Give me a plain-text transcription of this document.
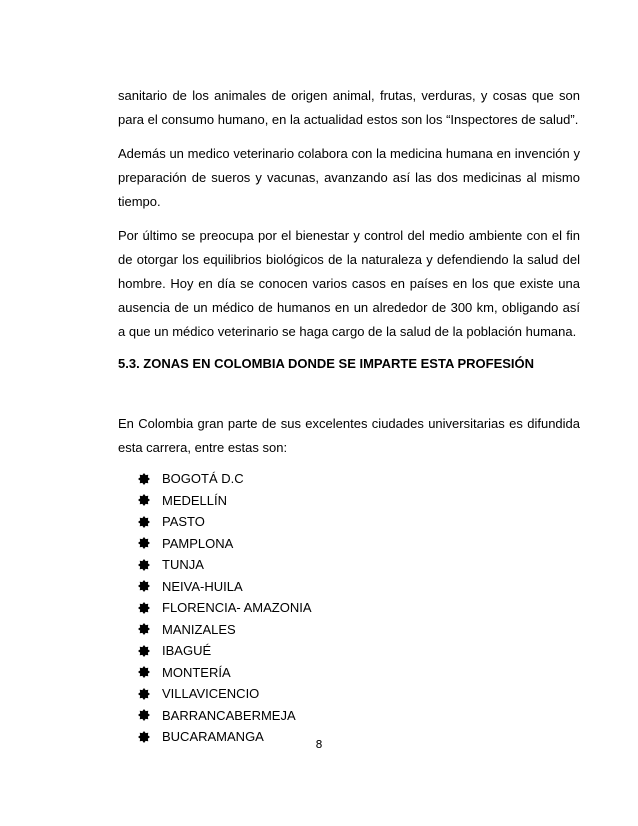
sanitario de los animales de origen animal, frutas, verduras, y cosas que son para el consumo humano, en la actualidad estos son los “Inspectores de salud”.

Además un medico veterinario colabora con la medicina humana en invención y preparación de sueros y vacunas, avanzando así las dos medicinas al mismo tiempo.

Por último se preocupa por el bienestar y control del medio ambiente con el fin de otorgar los equilibrios biológicos de la naturaleza y defendiendo la salud del hombre. Hoy en día se conocen varios casos en países en los que existe una ausencia de un médico de humanos en un alrededor de 300 km, obligando así a que un médico veterinario se haga cargo de la salud de la población humana.

5.3. ZONAS EN COLOMBIA DONDE SE IMPARTE ESTA PROFESIÓN

En Colombia gran parte de sus excelentes ciudades universitarias es difundida esta carrera, entre estas son:

BOGOTÁ D.C
MEDELLÍN
PASTO
PAMPLONA
TUNJA
NEIVA-HUILA
FLORENCIA- AMAZONIA
MANIZALES
IBAGUÉ
MONTERÍA
VILLAVICENCIO
BARRANCABERMEJA
BUCARAMANGA
8
